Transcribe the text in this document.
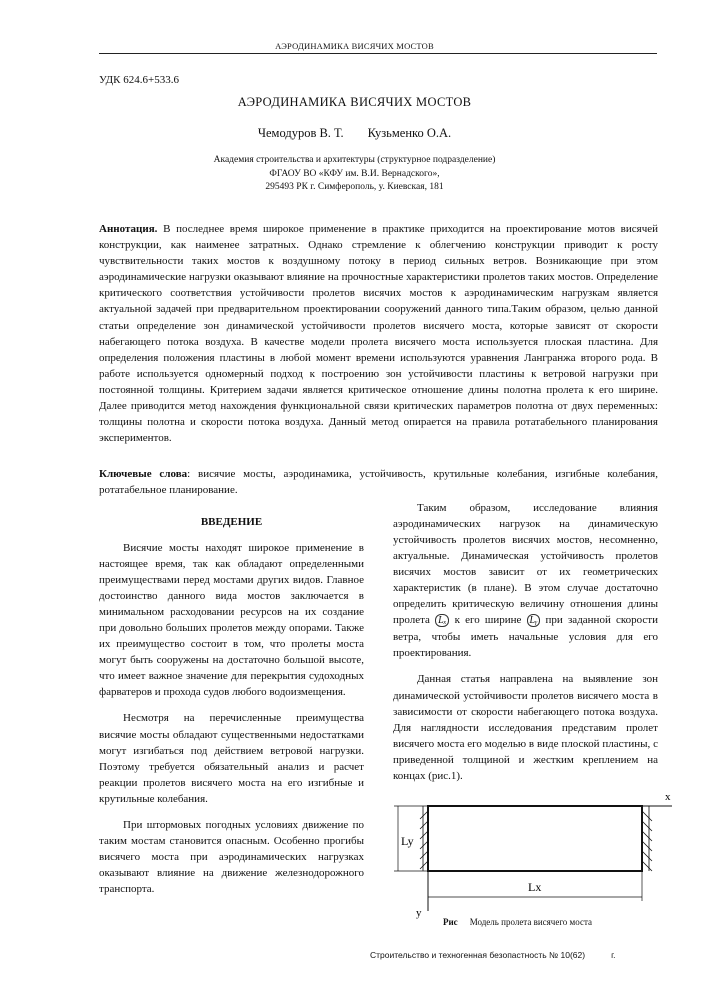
АЭРОДИНАМИКА ВИСЯЧИХ МОСТОВ
УДК 624.6+533.6
АЭРОДИНАМИКА ВИСЯЧИХ МОСТОВ
Чемодуров В. Т. Кузьменко О.А.
Академия строительства и архитектуры (структурное подразделение)
ФГАОУ ВО «КФУ им. В.И. Вернадского»,
295493 РК г. Симферополь, у. Киевская, 181
Аннотация. В последнее время широкое применение в практике приходится на проектирование мотов висячей конструкции, как наименее затратных. Однако стремление к облегчению конструкции приводит к росту чувствительности таких мостов к воздушному потоку в период сильных ветров. Возникающие при этом аэродинамические нагрузки оказывают влияние на прочностные характеристики пролетов таких мостов. Определение критического соответствия устойчивости пролетов висячих мостов к аэродинамическим нагрузкам является актуальной задачей при предварительном проектировании сооружений данного типа.Таким образом, целью данной статьи определение зон динамической устойчивости пролетов висячего моста, которые зависят от скорости набегающего потока воздуха. В качестве модели пролета висячего моста используется плоская пластина. Для определения положения пластины в любой момент времени используются уравнения Лангранжа второго рода. В работе используется одномерный подход к построению зон устойчивости пластины к ветровой нагрузки при постоянной толщины. Критерием задачи является критическое отношение длины полотна пролета к его ширине. Далее приводится метод нахождения функциональной связи критических параметров полотна от двух переменных: толщины полотна и скорости потока воздуха. Данный метод опирается на правила ротатабельного планирования экспериментов.
Ключевые слова: висячие мосты, аэродинамика, устойчивость, крутильные колебания, изгибные колебания, ротатабельное планирование.
ВВЕДЕНИЕ

Висячие мосты находят широкое применение в настоящее время, так как обладают определенными преимуществами перед мостами других видов. Главное достоинство данного вида мостов заключается в минимальном расходовании ресурсов на их создание при довольно больших пролетов между опорами. Также их преимущество состоит в том, что пролеты моста могут быть сооружены на достаточно большой высоте, что имеет важное значение для перекрытия судоходных фарватеров и прохода судов любого водоизмещения.

Несмотря на перечисленные преимущества висячие мосты обладают существенными недостатками могут изгибаться под действием ветровой нагрузки. Поэтому требуется обязательный анализ и расчет реакции пролетов висячего моста на его изгибные и крутильные колебания.

При штормовых погодных условиях движение по таким мостам становится опасным. Особенно прогибы висячего моста при аэродинамических нагрузках оказывают влияние на движение железнодорожного транспорта.

Таким образом, исследование влияния аэродинамических нагрузок на динамическую устойчивость пролетов висячих мостов, несомненно, актуальные. Динамическая устойчивость пролетов висячих мостов зависит от их геометрических характеристик (в плане). В этом случае достаточно определить критическую величину отношения длины пролета Lₓ к его ширине Lᵧ при заданной скорости ветра, чтобы иметь начальные условия для его проектирования.

Данная статья направлена на выявление зон динамической устойчивости пролетов висячего моста в зависимости от скорости набегающего потока воздуха. Для наглядности исследования представим пролет висячего моста его моделью в виде плоской пластины, с приведенной толщиной и жестким креплением на концах (рис.1).

x
y
Ly
Lx
Рис Модель пролета висячего моста
Строительство и техногенная безопастность № 10(62)	г.
